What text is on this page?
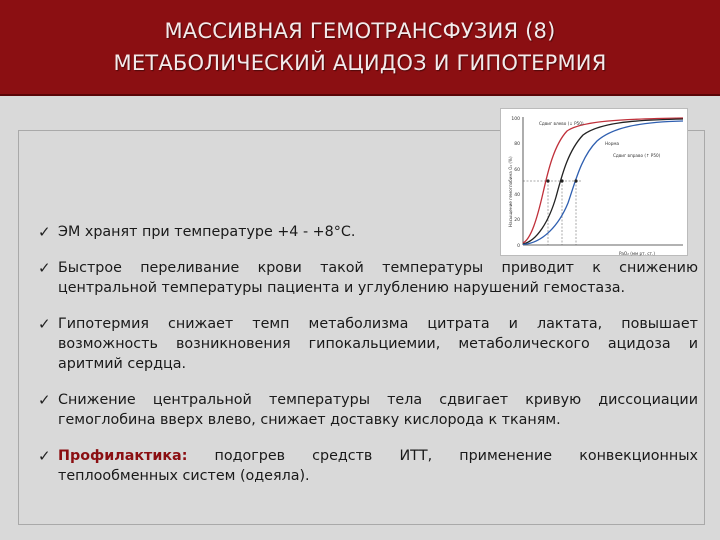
МАССИВНАЯ ГЕМОТРАНСФУЗИЯ (8)
МЕТАБОЛИЧЕСКИЙ АЦИДОЗ И ГИПОТЕРМИЯ
100
80
60
40
20
0
Насыщение гемоглобина O₂ (%)
Сдвиг влево (↓ Р50)
Норма
Сдвиг вправо (↑ Р50)
PaO₂ (мм рт. ст.)
✓ ЭМ хранят при температуре +4 - +8°С.
✓ Быстрое переливание крови такой температуры приводит к снижению центральной температуры пациента и углублению нарушений гемостаза.
✓ Гипотермия снижает темп метаболизма цитрата и лактата, повышает возможность возникновения гипокальциемии, метаболического ацидоза и аритмий сердца.
✓ Снижение центральной температуры тела сдвигает кривую диссоциации гемоглобина вверх влево, снижает доставку кислорода к тканям.
✓ Профилактика: подогрев средств ИТТ, применение конвекционных теплообменных систем (одеяла).
